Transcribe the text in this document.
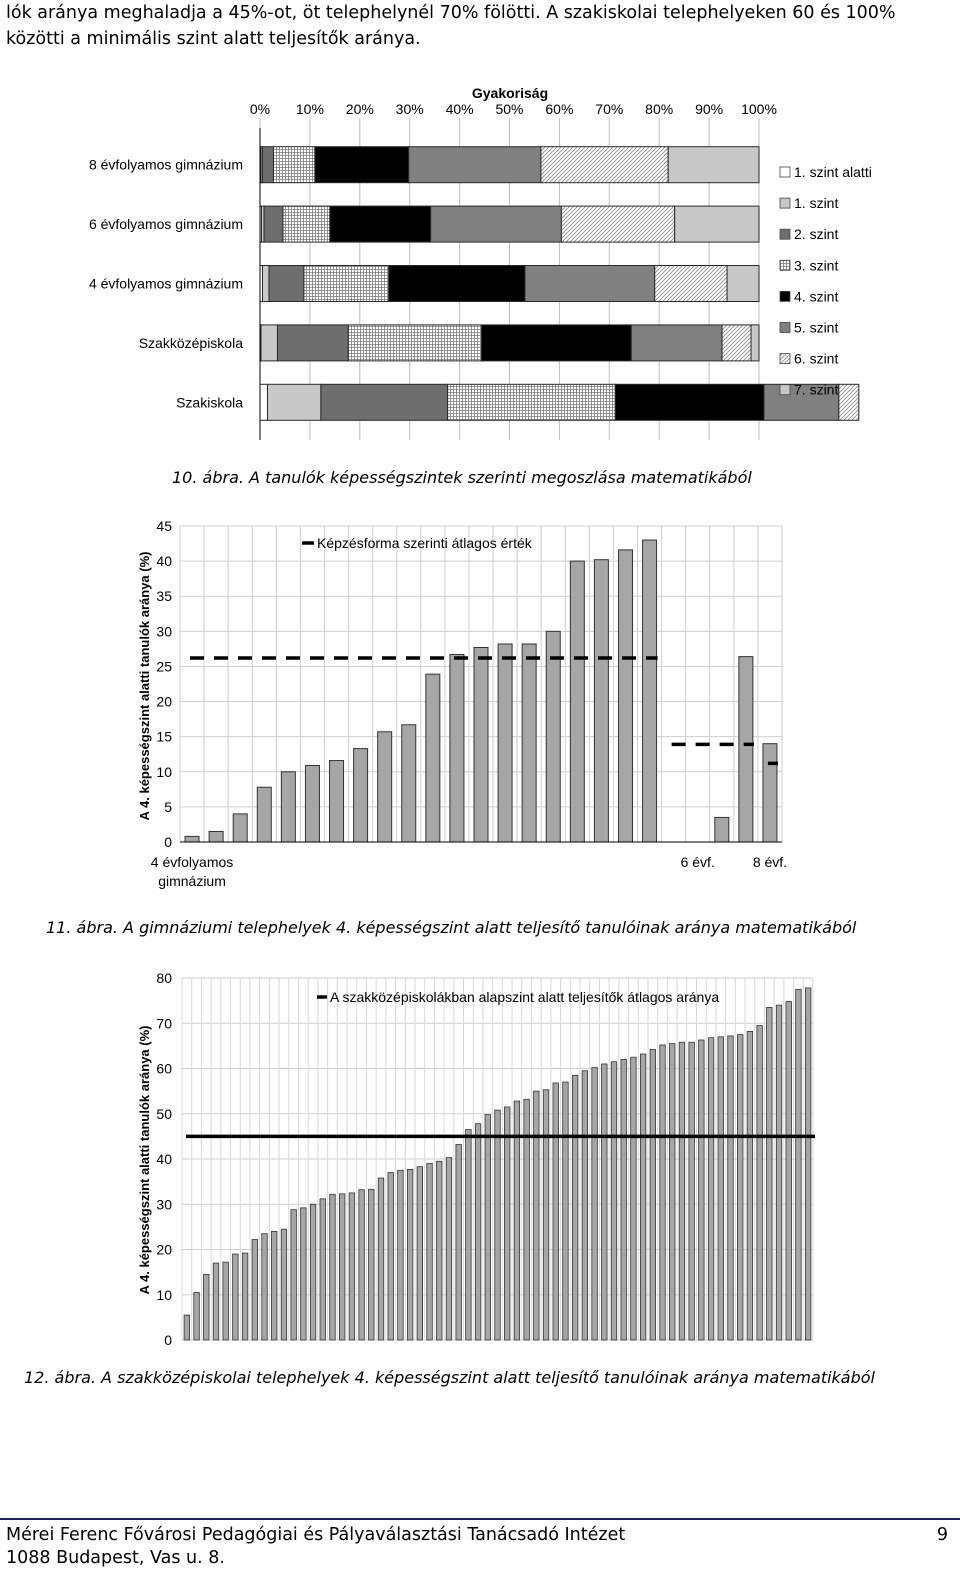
lók aránya meghaladja a 45%-ot, öt telephelynél 70% fölötti. A szakiskolai telephelyeken 60 és 100%
közötti a minimális szint alatt teljesítők aránya.
Gyakoriság
0% 10% 20% 30% 40% 50% 60% 70% 80% 90% 100%
8 évfolyamos gimnázium
6 évfolyamos gimnázium
4 évfolyamos gimnázium
Szakközépiskola
Szakiskola
1. szint alatti
1. szint
2. szint
3. szint
4. szint
5. szint
6. szint
7. szint
10. ábra. A tanulók képességszintek szerinti megoszlása matematikából
0
5
10
15
20
25
30
35
40
45
A 4. képességszint alatti tanulók aránya (%)
Képzésforma szerinti átlagos érték
4 évfolyamos
gimnázium
6 évf.	8 évf.
11. ábra. A gimnáziumi telephelyek 4. képességszint alatt teljesítő tanulóinak aránya matematikából
0
10
20
30
40
50
60
70
80
A 4. képességszint alatti tanulók aránya (%)
A szakközépiskolákban alapszint alatt teljesítők átlagos aránya
12. ábra. A szakközépiskolai telephelyek 4. képességszint alatt teljesítő tanulóinak aránya matematikából
Mérei Ferenc Fővárosi Pedagógiai és Pályaválasztási Tanácsadó Intézet
1088 Budapest, Vas u. 8.
9
